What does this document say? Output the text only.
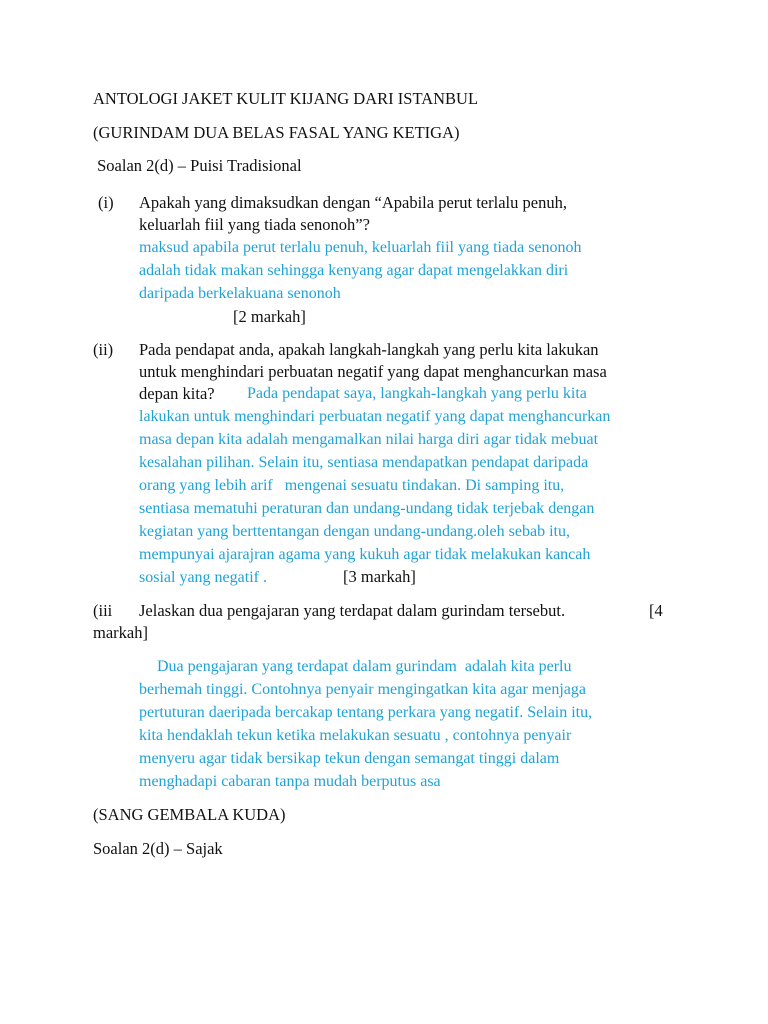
ANTOLOGI JAKET KULIT KIJANG DARI ISTANBUL
(GURINDAM DUA BELAS FASAL YANG KETIGA)
Soalan 2(d) – Puisi Tradisional
(i) Apakah yang dimaksudkan dengan “Apabila perut terlalu penuh,
keluarlah fiil yang tiada senonoh”?
maksud apabila perut terlalu penuh, keluarlah fiil yang tiada senonoh
adalah tidak makan sehingga kenyang agar dapat mengelakkan diri
daripada berkelakuana senonoh
[2 markah]
(ii) Pada pendapat anda, apakah langkah-langkah yang perlu kita lakukan
untuk menghindari perbuatan negatif yang dapat menghancurkan masa
depan kita? Pada pendapat saya, langkah-langkah yang perlu kita
lakukan untuk menghindari perbuatan negatif yang dapat menghancurkan
masa depan kita adalah mengamalkan nilai harga diri agar tidak mebuat
kesalahan pilihan. Selain itu, sentiasa mendapatkan pendapat daripada
orang yang lebih arif   mengenai sesuatu tindakan. Di samping itu,
sentiasa mematuhi peraturan dan undang-undang tidak terjebak dengan
kegiatan yang berttentangan dengan undang-undang.oleh sebab itu,
mempunyai ajarajran agama yang kukuh agar tidak melakukan kancah
sosial yang negatif .	[3 markah]
(iii Jelaskan dua pengajaran yang terdapat dalam gurindam tersebut.	[4
markah]
Dua pengajaran yang terdapat dalam gurindam  adalah kita perlu
berhemah tinggi. Contohnya penyair mengingatkan kita agar menjaga
pertuturan daeripada bercakap tentang perkara yang negatif. Selain itu,
kita hendaklah tekun ketika melakukan sesuatu , contohnya penyair
menyeru agar tidak bersikap tekun dengan semangat tinggi dalam
menghadapi cabaran tanpa mudah berputus asa
(SANG GEMBALA KUDA)
Soalan 2(d) – Sajak
